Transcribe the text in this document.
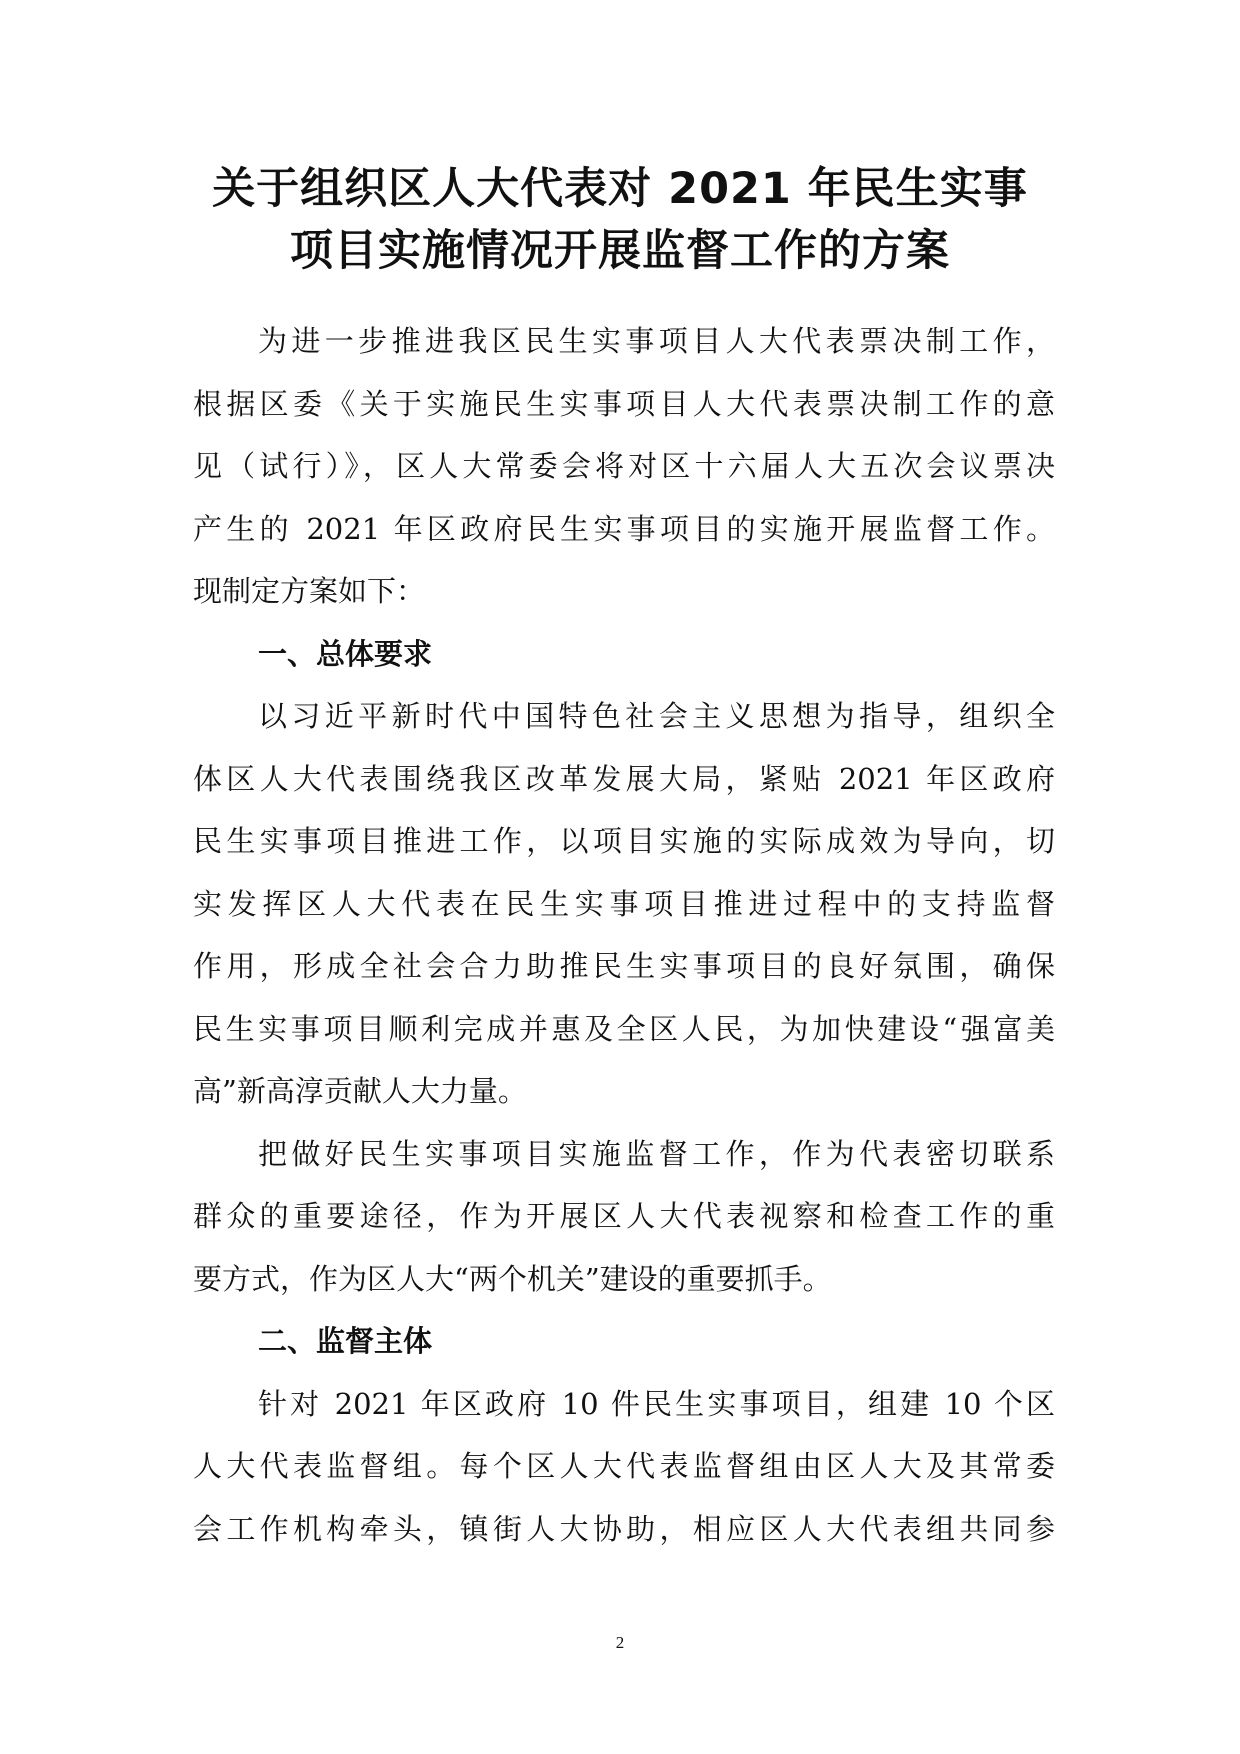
关于组织区人大代表对 2021 年民生实事
项目实施情况开展监督工作的方案
为进一步推进我区民生实事项目人大代表票决制工作，
根据区委《关于实施民生实事项目人大代表票决制工作的意
见（试行）》，区人大常委会将对区十六届人大五次会议票决
产生的 2021 年区政府民生实事项目的实施开展监督工作。
现制定方案如下：
一、总体要求
以习近平新时代中国特色社会主义思想为指导，组织全
体区人大代表围绕我区改革发展大局，紧贴 2021 年区政府
民生实事项目推进工作，以项目实施的实际成效为导向，切
实发挥区人大代表在民生实事项目推进过程中的支持监督
作用，形成全社会合力助推民生实事项目的良好氛围，确保
民生实事项目顺利完成并惠及全区人民，为加快建设“强富美
高”新高淳贡献人大力量。
把做好民生实事项目实施监督工作，作为代表密切联系
群众的重要途径，作为开展区人大代表视察和检查工作的重
要方式，作为区人大“两个机关”建设的重要抓手。
二、监督主体
针对 2021 年区政府 10 件民生实事项目，组建 10 个区
人大代表监督组。每个区人大代表监督组由区人大及其常委
会工作机构牵头，镇街人大协助，相应区人大代表组共同参
2
